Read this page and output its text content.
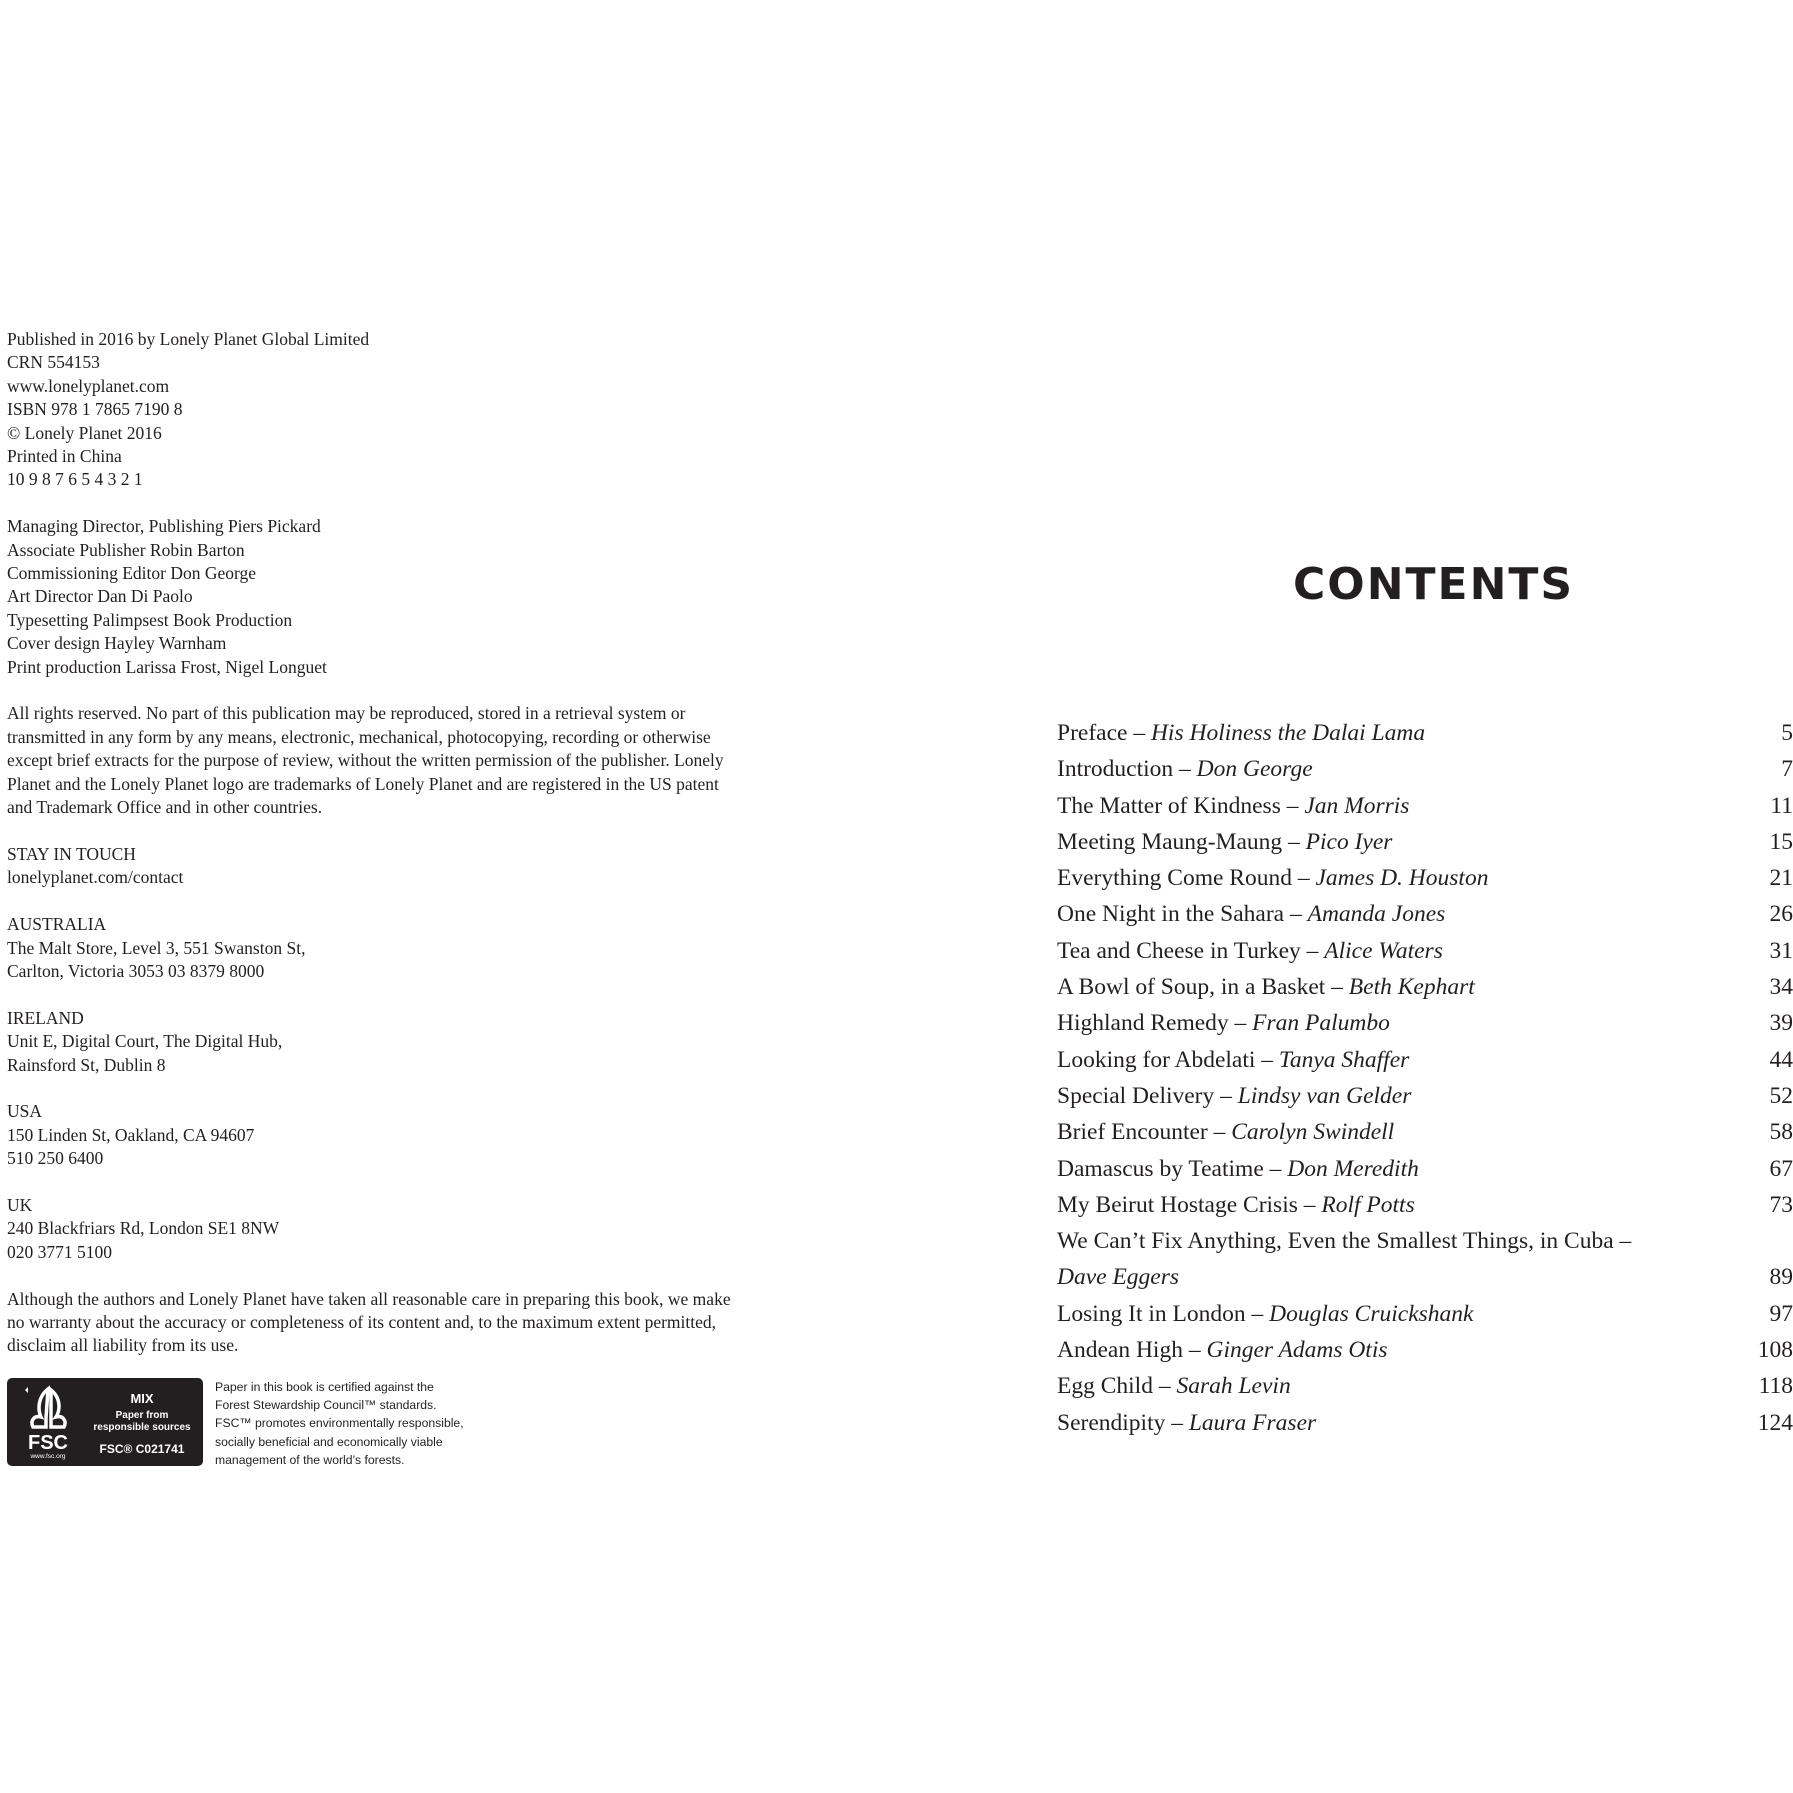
Published in 2016 by Lonely Planet Global Limited
CRN 554153
www.lonelyplanet.com
ISBN 978 1 7865 7190 8
© Lonely Planet 2016
Printed in China
10 9 8 7 6 5 4 3 2 1
Managing Director, Publishing Piers Pickard
Associate Publisher Robin Barton
Commissioning Editor Don George
Art Director Dan Di Paolo
Typesetting Palimpsest Book Production
Cover design Hayley Warnham
Print production Larissa Frost, Nigel Longuet

All rights reserved. No part of this publication may be reproduced, stored in a retrieval system or transmitted in any form by any means, electronic, mechanical, photocopying, recording or otherwise except brief extracts for the purpose of review, without the written permission of the publisher. Lonely Planet and the Lonely Planet logo are trademarks of Lonely Planet and are registered in the US patent and Trademark Office and in other countries.

STAY IN TOUCH
lonelyplanet.com/contact
AUSTRALIA
The Malt Store, Level 3, 551 Swanston St,
Carlton, Victoria 3053 03 8379 8000
IRELAND
Unit E, Digital Court, The Digital Hub,
Rainsford St, Dublin 8
USA
150 Linden St, Oakland, CA 94607
510 250 6400
UK
240 Blackfriars Rd, London SE1 8NW
020 3771 5100

Although the authors and Lonely Planet have taken all reasonable care in preparing this book, we make no warranty about the accuracy or completeness of its content and, to the maximum extent permitted, disclaim all liability from its use.

FSC
www.fsc.org
MIX
Paper from
responsible sources
FSC® C021741
Paper in this book is certified against the
Forest Stewardship Council™ standards.
FSC™ promotes environmentally responsible,
socially beneficial and economically viable
management of the world’s forests.
CONTENTS
Preface – His Holiness the Dalai Lama	5
Introduction – Don George	7
The Matter of Kindness – Jan Morris	11
Meeting Maung-Maung – Pico Iyer	15
Everything Come Round – James D. Houston	21
One Night in the Sahara – Amanda Jones	26
Tea and Cheese in Turkey – Alice Waters	31
A Bowl of Soup, in a Basket – Beth Kephart	34
Highland Remedy – Fran Palumbo	39
Looking for Abdelati – Tanya Shaffer	44
Special Delivery – Lindsy van Gelder	52
Brief Encounter – Carolyn Swindell	58
Damascus by Teatime – Don Meredith	67
My Beirut Hostage Crisis – Rolf Potts	73
We Can’t Fix Anything, Even the Smallest Things, in Cuba –
Dave Eggers	89
Losing It in London – Douglas Cruickshank	97
Andean High – Ginger Adams Otis	108
Egg Child – Sarah Levin	118
Serendipity – Laura Fraser	124
